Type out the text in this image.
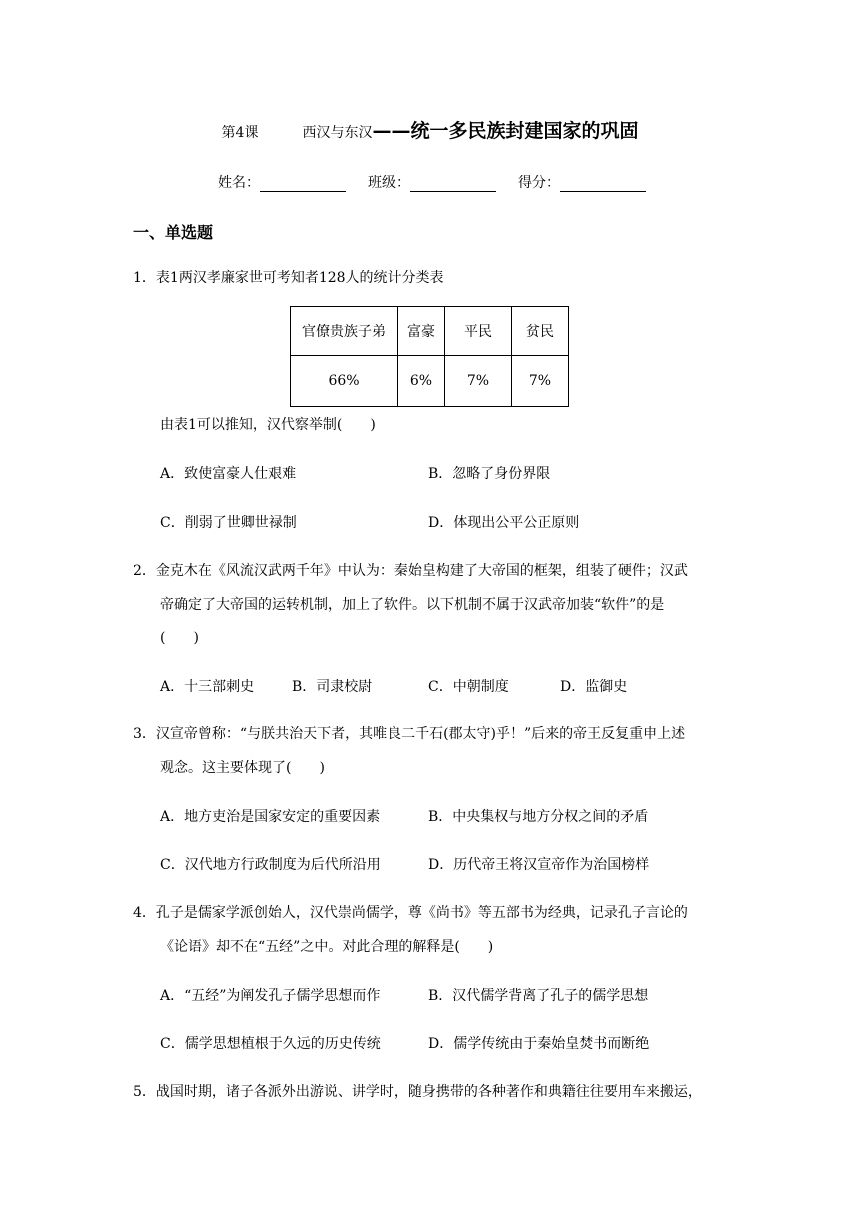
第4课	西汉与东汉——统一多民族封建国家的巩固
姓名：	班级：	得分：
一、单选题
1．表1两汉孝廉家世可考知者128人的统计分类表
官僚贵族子弟	富豪	平民	贫民
66%	6%	7%	7%
由表1可以推知，汉代察举制(　　)
A．致使富豪人仕艰难	B．忽略了身份界限
C．削弱了世卿世禄制	D．体现出公平公正原则
2．金克木在《风流汉武两千年》中认为：秦始皇构建了大帝国的框架，组装了硬件；汉武
帝确定了大帝国的运转机制，加上了软件。以下机制不属于汉武帝加装“软件”的是
(　　)
A．十三部刺史	B．司隶校尉	C．中朝制度	D．监御史
3．汉宣帝曾称：“与朕共治天下者，其唯良二千石(郡太守)乎！”后来的帝王反复重申上述
观念。这主要体现了(　　)
A．地方吏治是国家安定的重要因素	B．中央集权与地方分权之间的矛盾
C．汉代地方行政制度为后代所沿用	D．历代帝王将汉宣帝作为治国榜样
4．孔子是儒家学派创始人，汉代崇尚儒学，尊《尚书》等五部书为经典，记录孔子言论的
《论语》却不在“五经”之中。对此合理的解释是(　　)
A．“五经”为阐发孔子儒学思想而作	B．汉代儒学背离了孔子的儒学思想
C．儒学思想植根于久远的历史传统	D．儒学传统由于秦始皇焚书而断绝
5．战国时期，诸子各派外出游说、讲学时，随身携带的各种著作和典籍往往要用车来搬运，
